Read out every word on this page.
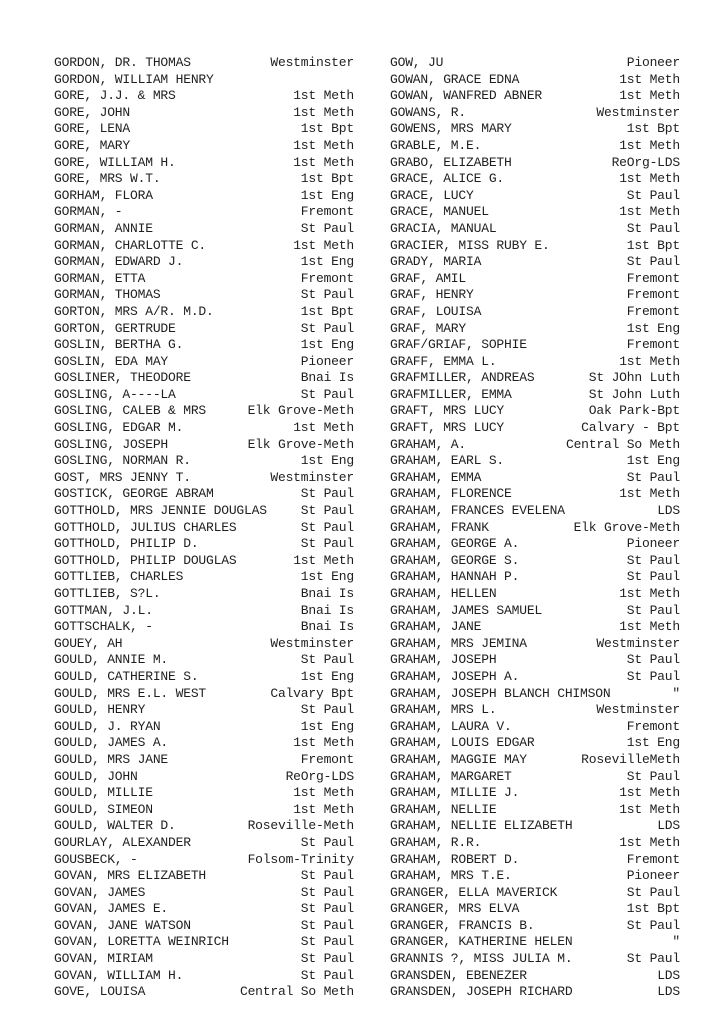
GORDON, DR. THOMAS	Westminster
GORDON, WILLIAM HENRY
GORE, J.J. & MRS	1st Meth
GORE, JOHN	1st Meth
GORE, LENA	1st Bpt
GORE, MARY	1st Meth
GORE, WILLIAM H.	1st Meth
GORE, MRS W.T.	1st Bpt
GORHAM, FLORA	1st Eng
GORMAN, -	Fremont
GORMAN, ANNIE	St Paul
GORMAN, CHARLOTTE C.	1st Meth
GORMAN, EDWARD J.	1st Eng
GORMAN, ETTA	Fremont
GORMAN, THOMAS	St Paul
GORTON, MRS A/R. M.D.	1st Bpt
GORTON, GERTRUDE	St Paul
GOSLIN, BERTHA G.	1st Eng
GOSLIN, EDA MAY	Pioneer
GOSLINER, THEODORE	Bnai Is
GOSLING, A----LA	St Paul
GOSLING, CALEB & MRS	Elk Grove-Meth
GOSLING, EDGAR M.	1st Meth
GOSLING, JOSEPH	Elk Grove-Meth
GOSLING, NORMAN R.	1st Eng
GOST, MRS JENNY T.	Westminster
GOSTICK, GEORGE ABRAM	St Paul
GOTTHOLD, MRS JENNIE DOUGLAS	St Paul
GOTTHOLD, JULIUS CHARLES	St Paul
GOTTHOLD, PHILIP D.	St Paul
GOTTHOLD, PHILIP DOUGLAS	1st Meth
GOTTLIEB, CHARLES	1st Eng
GOTTLIEB, S?L.	Bnai Is
GOTTMAN, J.L.	Bnai Is
GOTTSCHALK, -	Bnai Is
GOUEY, AH	Westminster
GOULD, ANNIE M.	St Paul
GOULD, CATHERINE S.	1st Eng
GOULD, MRS E.L. WEST	Calvary Bpt
GOULD, HENRY	St Paul
GOULD, J. RYAN	1st Eng
GOULD, JAMES A.	1st Meth
GOULD, MRS JANE	Fremont
GOULD, JOHN	ReOrg-LDS
GOULD, MILLIE	1st Meth
GOULD, SIMEON	1st Meth
GOULD, WALTER D.	Roseville-Meth
GOURLAY, ALEXANDER	St Paul
GOUSBECK, -	Folsom-Trinity
GOVAN, MRS ELIZABETH	St Paul
GOVAN, JAMES	St Paul
GOVAN, JAMES E.	St Paul
GOVAN, JANE WATSON	St Paul
GOVAN, LORETTA WEINRICH	St Paul
GOVAN, MIRIAM	St Paul
GOVAN, WILLIAM H.	St Paul
GOVE, LOUISA	Central So Meth
GOW, JU	Pioneer
GOWAN, GRACE EDNA	1st Meth
GOWAN, WANFRED ABNER	1st Meth
GOWANS, R.	Westminster
GOWENS, MRS MARY	1st Bpt
GRABLE, M.E.	1st Meth
GRABO, ELIZABETH	ReOrg-LDS
GRACE, ALICE G.	1st Meth
GRACE, LUCY	St Paul
GRACE, MANUEL	1st Meth
GRACIA, MANUAL	St Paul
GRACIER, MISS RUBY E.	1st Bpt
GRADY, MARIA	St Paul
GRAF, AMIL	Fremont
GRAF, HENRY	Fremont
GRAF, LOUISA	Fremont
GRAF, MARY	1st Eng
GRAF/GRIAF, SOPHIE	Fremont
GRAFF, EMMA L.	1st Meth
GRAFMILLER, ANDREAS	St JOhn Luth
GRAFMILLER, EMMA	St John Luth
GRAFT, MRS LUCY	Oak Park-Bpt
GRAFT, MRS LUCY	Calvary - Bpt
GRAHAM, A.	Central So Meth
GRAHAM, EARL S.	1st Eng
GRAHAM, EMMA	St Paul
GRAHAM, FLORENCE	1st Meth
GRAHAM, FRANCES EVELENA	LDS
GRAHAM, FRANK	Elk Grove-Meth
GRAHAM, GEORGE A.	Pioneer
GRAHAM, GEORGE S.	St Paul
GRAHAM, HANNAH P.	St Paul
GRAHAM, HELLEN	1st Meth
GRAHAM, JAMES SAMUEL	St Paul
GRAHAM, JANE	1st Meth
GRAHAM, MRS JEMINA	Westminster
GRAHAM, JOSEPH	St Paul
GRAHAM, JOSEPH A.	St Paul
GRAHAM, JOSEPH BLANCH CHIMSON	"
GRAHAM, MRS L.	Westminster
GRAHAM, LAURA V.	Fremont
GRAHAM, LOUIS EDGAR	1st Eng
GRAHAM, MAGGIE MAY	RosevilleMeth
GRAHAM, MARGARET	St Paul
GRAHAM, MILLIE J.	1st Meth
GRAHAM, NELLIE	1st Meth
GRAHAM, NELLIE ELIZABETH	LDS
GRAHAM, R.R.	1st Meth
GRAHAM, ROBERT D.	Fremont
GRAHAM, MRS T.E.	Pioneer
GRANGER, ELLA MAVERICK	St Paul
GRANGER, MRS ELVA	1st Bpt
GRANGER, FRANCIS B.	St Paul
GRANGER, KATHERINE HELEN	"
GRANNIS ?, MISS JULIA M.	St Paul
GRANSDEN, EBENEZER	LDS
GRANSDEN, JOSEPH RICHARD	LDS
